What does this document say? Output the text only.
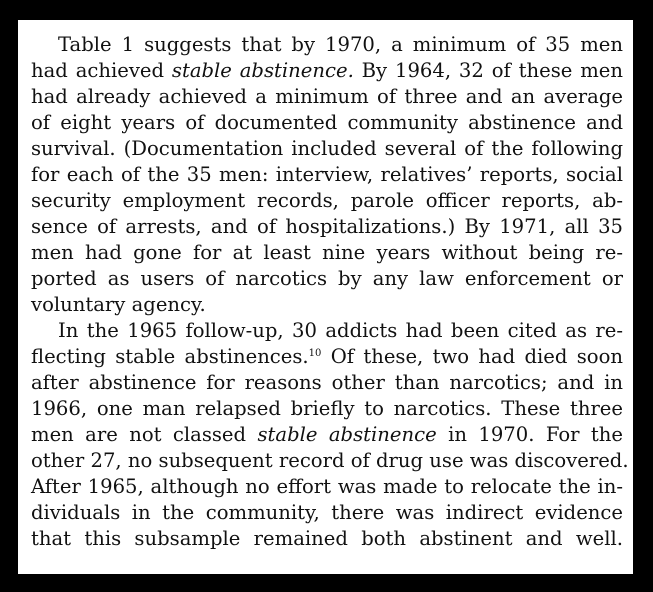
Table 1 suggests that by 1970, a minimum of 35 men
had achieved stable abstinence. By 1964, 32 of these men
had already achieved a minimum of three and an average
of eight years of documented community abstinence and
survival. (Documentation included several of the following
for each of the 35 men: interview, relatives’ reports, social
security employment records, parole officer reports, ab-
sence of arrests, and of hospitalizations.) By 1971, all 35
men had gone for at least nine years without being re-
ported as users of narcotics by any law enforcement or
voluntary agency.
In the 1965 follow-up, 30 addicts had been cited as re-
flecting stable abstinences.$^{10}$ Of these, two had died soon
after abstinence for reasons other than narcotics; and in
1966, one man relapsed briefly to narcotics. These three
men are not classed stable abstinence in 1970. For the
other 27, no subsequent record of drug use was discovered.
After 1965, although no effort was made to relocate the in-
dividuals in the community, there was indirect evidence
that this subsample remained both abstinent and well.
